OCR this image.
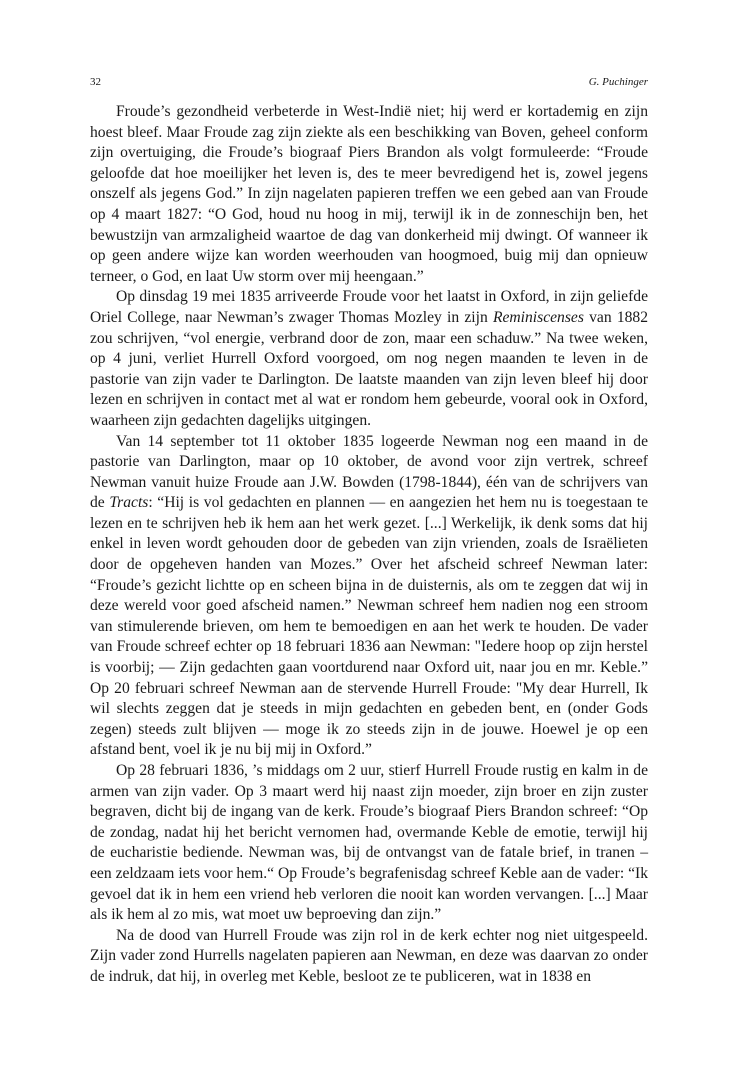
32	G. Puchinger

Froude’s gezondheid verbeterde in West-Indië niet; hij werd er kortademig en zijn hoest bleef. Maar Froude zag zijn ziekte als een beschikking van Boven, geheel conform zijn overtuiging, die Froude’s biograaf Piers Brandon als volgt formuleerde: “Froude geloofde dat hoe moeilijker het leven is, des te meer bevredigend het is, zowel jegens onszelf als jegens God.” In zijn nagelaten papieren treffen we een gebed aan van Froude op 4 maart 1827: “O God, houd nu hoog in mij, terwijl ik in de zonneschijn ben, het bewustzijn van armzaligheid waartoe de dag van donkerheid mij dwingt. Of wanneer ik op geen andere wijze kan worden weerhouden van hoogmoed, buig mij dan opnieuw terneer, o God, en laat Uw storm over mij heengaan.”

Op dinsdag 19 mei 1835 arriveerde Froude voor het laatst in Oxford, in zijn geliefde Oriel College, naar Newman’s zwager Thomas Mozley in zijn Reminiscenses van 1882 zou schrijven, “vol energie, verbrand door de zon, maar een schaduw.” Na twee weken, op 4 juni, verliet Hurrell Oxford voorgoed, om nog negen maanden te leven in de pastorie van zijn vader te Darlington. De laatste maanden van zijn leven bleef hij door lezen en schrijven in contact met al wat er rondom hem gebeurde, vooral ook in Oxford, waarheen zijn gedachten dagelijks uitgingen.

Van 14 september tot 11 oktober 1835 logeerde Newman nog een maand in de pastorie van Darlington, maar op 10 oktober, de avond voor zijn vertrek, schreef Newman vanuit huize Froude aan J.W. Bowden (1798-1844), één van de schrijvers van de Tracts: “Hij is vol gedachten en plannen — en aangezien het hem nu is toegestaan te lezen en te schrijven heb ik hem aan het werk gezet. [...] Werkelijk, ik denk soms dat hij enkel in leven wordt gehouden door de gebeden van zijn vrienden, zoals de Israëlieten door de opgeheven handen van Mozes.” Over het afscheid schreef Newman later: “Froude’s gezicht lichtte op en scheen bijna in de duisternis, als om te zeggen dat wij in deze wereld voor goed afscheid namen.” Newman schreef hem nadien nog een stroom van stimulerende brieven, om hem te bemoedigen en aan het werk te houden. De vader van Froude schreef echter op 18 februari 1836 aan Newman: "Iedere hoop op zijn herstel is voorbij; — Zijn gedachten gaan voortdurend naar Oxford uit, naar jou en mr. Keble.” Op 20 februari schreef Newman aan de stervende Hurrell Froude: "My dear Hurrell, Ik wil slechts zeggen dat je steeds in mijn gedachten en gebeden bent, en (onder Gods zegen) steeds zult blijven — moge ik zo steeds zijn in de jouwe. Hoewel je op een afstand bent, voel ik je nu bij mij in Oxford.”

Op 28 februari 1836, ’s middags om 2 uur, stierf Hurrell Froude rustig en kalm in de armen van zijn vader. Op 3 maart werd hij naast zijn moeder, zijn broer en zijn zuster begraven, dicht bij de ingang van de kerk. Froude’s biograaf Piers Brandon schreef: “Op de zondag, nadat hij het bericht vernomen had, overmande Keble de emotie, terwijl hij de eucharistie bediende. Newman was, bij de ontvangst van de fatale brief, in tranen – een zeldzaam iets voor hem.“ Op Froude’s begrafenisdag schreef Keble aan de vader: “Ik gevoel dat ik in hem een vriend heb verloren die nooit kan worden vervangen. [...] Maar als ik hem al zo mis, wat moet uw beproeving dan zijn.”

Na de dood van Hurrell Froude was zijn rol in de kerk echter nog niet uitgespeeld. Zijn vader zond Hurrells nagelaten papieren aan Newman, en deze was daarvan zo onder de indruk, dat hij, in overleg met Keble, besloot ze te publiceren, wat in 1838 en
